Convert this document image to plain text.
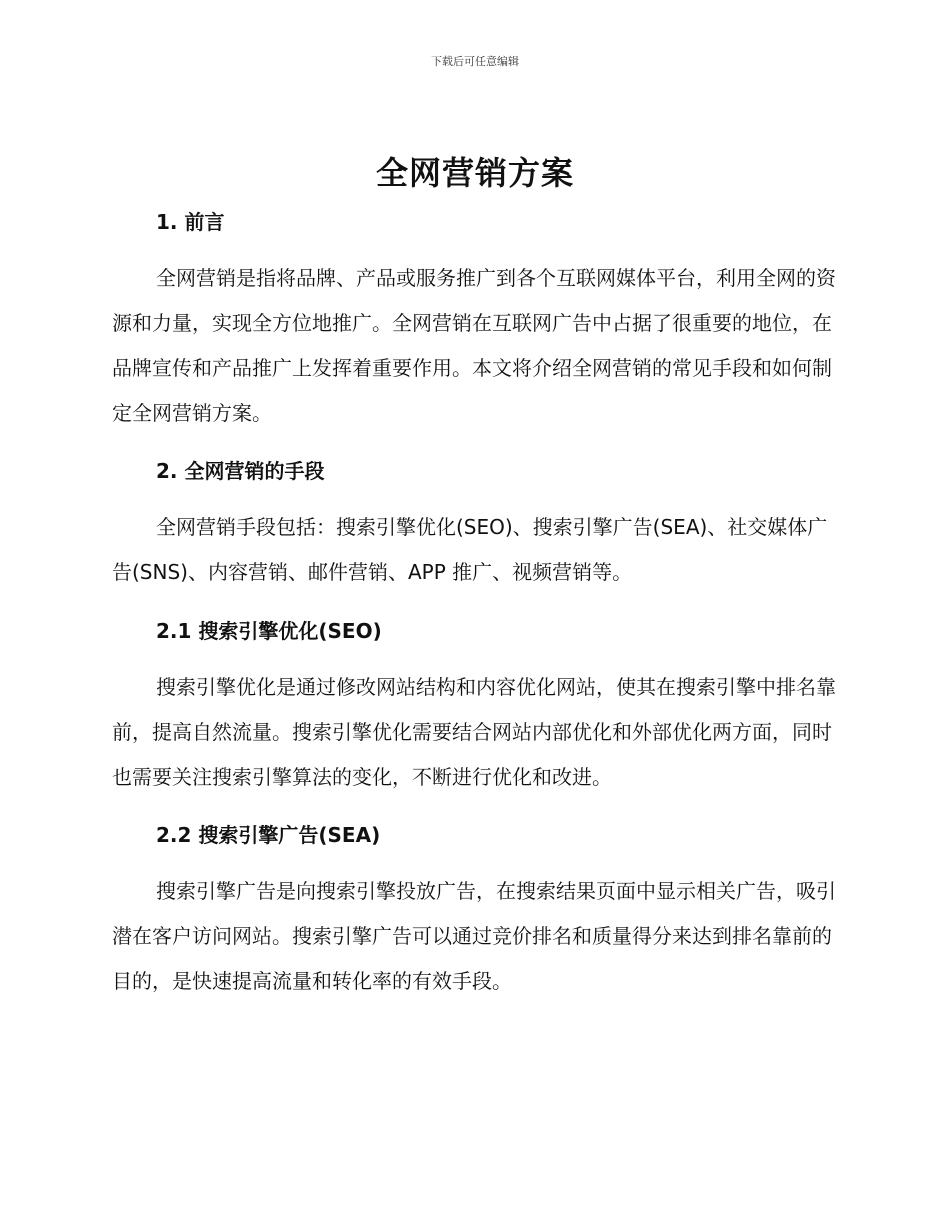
下载后可任意编辑
全网营销方案
1. 前言

全网营销是指将品牌、产品或服务推广到各个互联网媒体平台，利用全网的资源和力量，实现全方位地推广。全网营销在互联网广告中占据了很重要的地位，在品牌宣传和产品推广上发挥着重要作用。本文将介绍全网营销的常见手段和如何制定全网营销方案。

2. 全网营销的手段

全网营销手段包括：搜索引擎优化(SEO)、搜索引擎广告(SEA)、社交媒体广告(SNS)、内容营销、邮件营销、APP 推广、视频营销等。

2.1 搜索引擎优化(SEO)

搜索引擎优化是通过修改网站结构和内容优化网站，使其在搜索引擎中排名靠前，提高自然流量。搜索引擎优化需要结合网站内部优化和外部优化两方面，同时也需要关注搜索引擎算法的变化，不断进行优化和改进。

2.2 搜索引擎广告(SEA)

搜索引擎广告是向搜索引擎投放广告，在搜索结果页面中显示相关广告，吸引潜在客户访问网站。搜索引擎广告可以通过竞价排名和质量得分来达到排名靠前的目的，是快速提高流量和转化率的有效手段。
